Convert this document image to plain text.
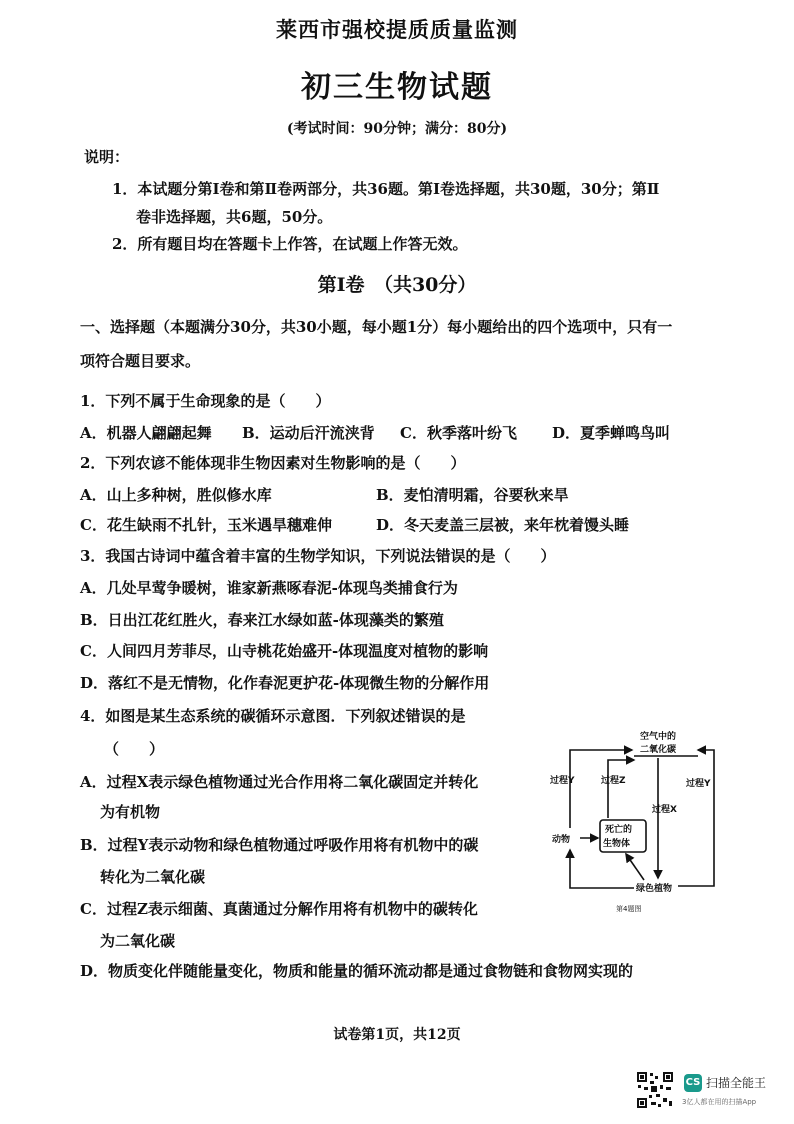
莱西市强校提质质量监测
初三生物试题
(考试时间：90分钟；满分：80分)
说明：
1．本试题分第Ⅰ卷和第Ⅱ卷两部分，共36题。第Ⅰ卷选择题，共30题，30分；第Ⅱ
卷非选择题，共6题，50分。
2．所有题目均在答题卡上作答，在试题上作答无效。
第Ⅰ卷　（共30分）
一、选择题（本题满分30分，共30小题，每小题1分）每小题给出的四个选项中，只有一
项符合题目要求。
1．下列不属于生命现象的是（　　）
A．机器人翩翩起舞 B．运动后汗流浃背 C．秋季落叶纷飞 D．夏季蝉鸣鸟叫
2．下列农谚不能体现非生物因素对生物影响的是（　　）
A．山上多种树，胜似修水库	B．麦怕清明霜，谷要秋来旱
C．花生缺雨不扎针，玉米遇旱穗难伸	D．冬天麦盖三层被，来年枕着馒头睡
3．我国古诗词中蕴含着丰富的生物学知识，下列说法错误的是（　　）
A．几处早莺争暖树，谁家新燕啄春泥-体现鸟类捕食行为
B．日出江花红胜火，春来江水绿如蓝-体现藻类的繁殖
C．人间四月芳菲尽，山寺桃花始盛开-体现温度对植物的影响
D．落红不是无情物，化作春泥更护花-体现微生物的分解作用
4．如图是某生态系统的碳循环示意图．下列叙述错误的是
（　　）
A．过程X表示绿色植物通过光合作用将二氧化碳固定并转化
为有机物
B．过程Y表示动物和绿色植物通过呼吸作用将有机物中的碳
转化为二氧化碳
C．过程Z表示细菌、真菌通过分解作用将有机物中的碳转化
为二氧化碳
D．物质变化伴随能量变化，物质和能量的循环流动都是通过食物链和食物网实现的
空气中的
二氧化碳
过程Y	过程Z	过程Y
过程X
动物
死亡的
生物体
绿色植物
第4题图
试卷第1页，共12页
CS 扫描全能王
3亿人都在用的扫描App
